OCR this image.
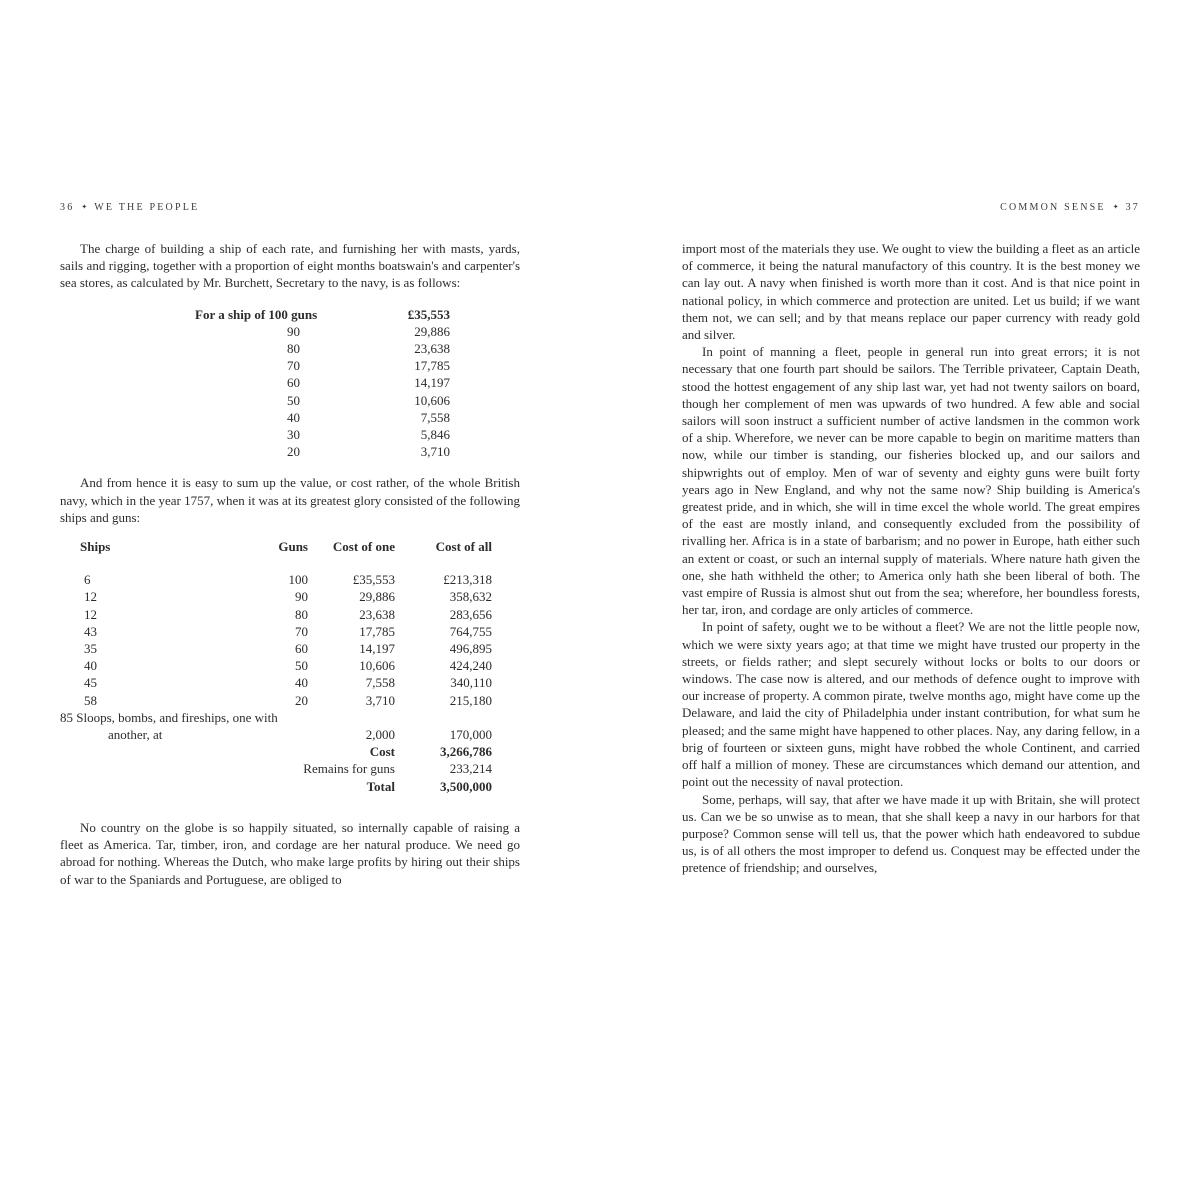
36 ✦ WE THE PEOPLE

The charge of building a ship of each rate, and furnishing her with masts, yards, sails and rigging, together with a proportion of eight months boatswain's and carpenter's sea stores, as calculated by Mr. Burchett, Secretary to the navy, is as follows:

For a ship of 100 guns	£35,553
90	29,886
80	23,638
70	17,785
60	14,197
50	10,606
40	7,558
30	5,846
20	3,710

And from hence it is easy to sum up the value, or cost rather, of the whole British navy, which in the year 1757, when it was at its greatest glory consisted of the following ships and guns:

Ships	Guns	Cost of one	Cost of all
6	100	£35,553	£213,318
12	90	29,886	358,632
12	80	23,638	283,656
43	70	17,785	764,755
35	60	14,197	496,895
40	50	10,606	424,240
45	40	7,558	340,110
58	20	3,710	215,180
85 Sloops, bombs, and fireships, one with
another, at	2,000	170,000
Cost	3,266,786
Remains for guns	233,214
Total	3,500,000

No country on the globe is so happily situated, so internally capable of raising a fleet as America. Tar, timber, iron, and cordage are her natural produce. We need go abroad for nothing. Whereas the Dutch, who make large profits by hiring out their ships of war to the Spaniards and Portuguese, are obliged to

COMMON SENSE ✦ 37

import most of the materials they use. We ought to view the building a fleet as an article of commerce, it being the natural manufactory of this country. It is the best money we can lay out. A navy when finished is worth more than it cost. And is that nice point in national policy, in which commerce and protection are united. Let us build; if we want them not, we can sell; and by that means replace our paper currency with ready gold and silver.

In point of manning a fleet, people in general run into great errors; it is not necessary that one fourth part should be sailors. The Terrible privateer, Captain Death, stood the hottest engagement of any ship last war, yet had not twenty sailors on board, though her complement of men was upwards of two hundred. A few able and social sailors will soon instruct a sufficient number of active landsmen in the common work of a ship. Wherefore, we never can be more capable to begin on maritime matters than now, while our timber is standing, our fisheries blocked up, and our sailors and shipwrights out of employ. Men of war of seventy and eighty guns were built forty years ago in New England, and why not the same now? Ship building is America's greatest pride, and in which, she will in time excel the whole world. The great empires of the east are mostly inland, and consequently excluded from the possibility of rivalling her. Africa is in a state of barbarism; and no power in Europe, hath either such an extent or coast, or such an internal supply of materials. Where nature hath given the one, she hath withheld the other; to America only hath she been liberal of both. The vast empire of Russia is almost shut out from the sea; wherefore, her boundless forests, her tar, iron, and cordage are only articles of commerce.

In point of safety, ought we to be without a fleet? We are not the little people now, which we were sixty years ago; at that time we might have trusted our property in the streets, or fields rather; and slept securely without locks or bolts to our doors or windows. The case now is altered, and our methods of defence ought to improve with our increase of property. A common pirate, twelve months ago, might have come up the Delaware, and laid the city of Philadelphia under instant contribution, for what sum he pleased; and the same might have happened to other places. Nay, any daring fellow, in a brig of fourteen or sixteen guns, might have robbed the whole Continent, and carried off half a million of money. These are circumstances which demand our attention, and point out the necessity of naval protection.

Some, perhaps, will say, that after we have made it up with Britain, she will protect us. Can we be so unwise as to mean, that she shall keep a navy in our harbors for that purpose? Common sense will tell us, that the power which hath endeavored to subdue us, is of all others the most improper to defend us. Conquest may be effected under the pretence of friendship; and ourselves,
